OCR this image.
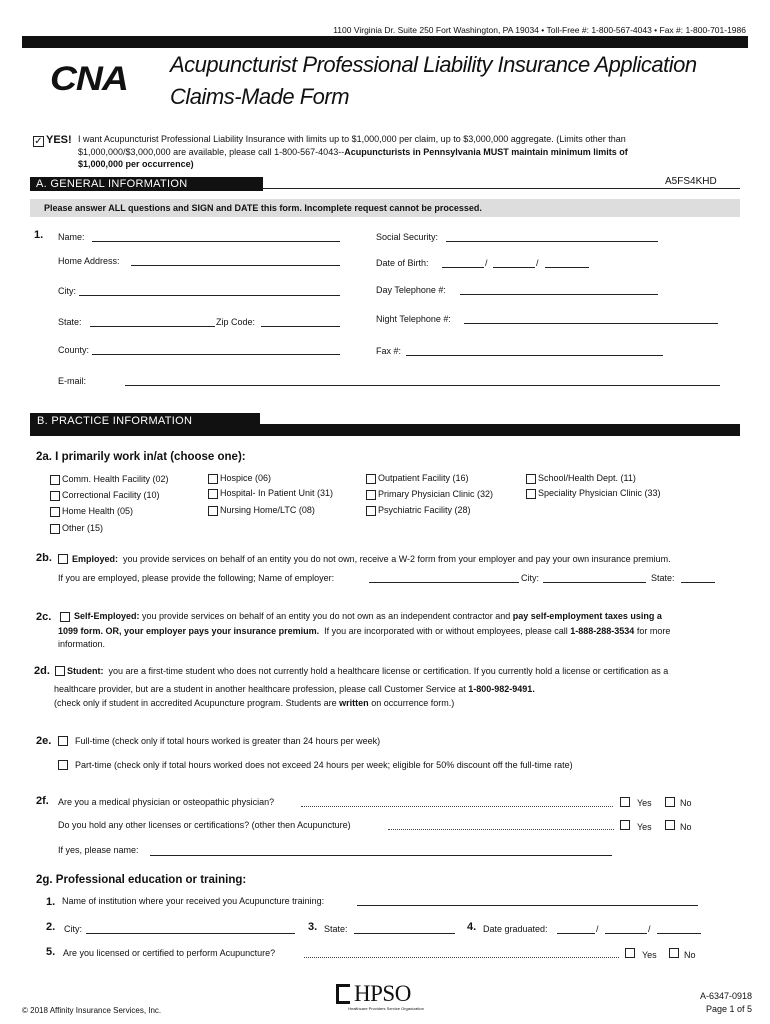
1100 Virginia Dr. Suite 250 Fort Washington, PA 19034 • Toll-Free #: 1-800-567-4043 • Fax #: 1-800-701-1986
CNA Acupuncturist Professional Liability Insurance Application
Claims-Made Form
✓ YES! I want Acupuncturist Professional Liability Insurance with limits up to $1,000,000 per claim, up to $3,000,000 aggregate. (Limits other than
$1,000,000/$3,000,000 are available, please call 1-800-567-4043--Acupuncturists in Pennsylvania MUST maintain minimum limits of
$1,000,000 per occurrence)
A. GENERAL INFORMATION	A5FS4KHD
Please answer ALL questions and SIGN and DATE this form. Incomplete request cannot be processed.
1. Name:	Social Security:
Home Address:	Date of Birth:	/	/
City:	Day Telephone #:
State:	Zip Code:	Night Telephone #:
County:	Fax #:
E-mail:
B. PRACTICE INFORMATION
2a. I primarily work in/at (choose one):
Comm. Health Facility (02)	Hospice (06)	Outpatient Facility (16)	School/Health Dept. (11)
Correctional Facility (10)	Hospital- In Patient Unit (31)	Primary Physician Clinic (32)	Speciality Physician Clinic (33)
Home Health (05)	Nursing Home/LTC (08)	Psychiatric Facility (28)
Other (15)
2b. Employed: you provide services on behalf of an entity you do not own, receive a W-2 form from your employer and pay your own insurance premium.
If you are employed, please provide the following; Name of employer:	City:	State:
2c.	Self-Employed: you provide services on behalf of an entity you do not own as an independent contractor and pay self-employment taxes using a
1099 form. OR, your employer pays your insurance premium. If you are incorporated with or without employees, please call 1-888-288-3534 for more
information.
2d. Student: you are a first-time student who does not currently hold a healthcare license or certification. If you currently hold a license or certification as a
healthcare provider, but are a student in another healthcare profession, please call Customer Service at 1-800-982-9491.
(check only if student in accredited Acupuncture program. Students are written on occurrence form.)
2e.	Full-time (check only if total hours worked is greater than 24 hours per week)
Part-time (check only if total hours worked does not exceed 24 hours per week; eligible for 50% discount off the full-time rate)
2f. Are you a medical physician or osteopathic physician?	Yes	No
Do you hold any other licenses or certifications? (other then Acupuncture)	Yes	No
If yes, please name:
2g. Professional education or training:
1. Name of institution where your received you Acupuncture training:
2. City:	3. State:	4. Date graduated:	/	/
5. Are you licensed or certified to perform Acupuncture?	Yes	No
© 2018 Affinity Insurance Services, Inc.
HPSO
Healthcare Providers Service Organization
A-6347-0918
Page 1 of 5
